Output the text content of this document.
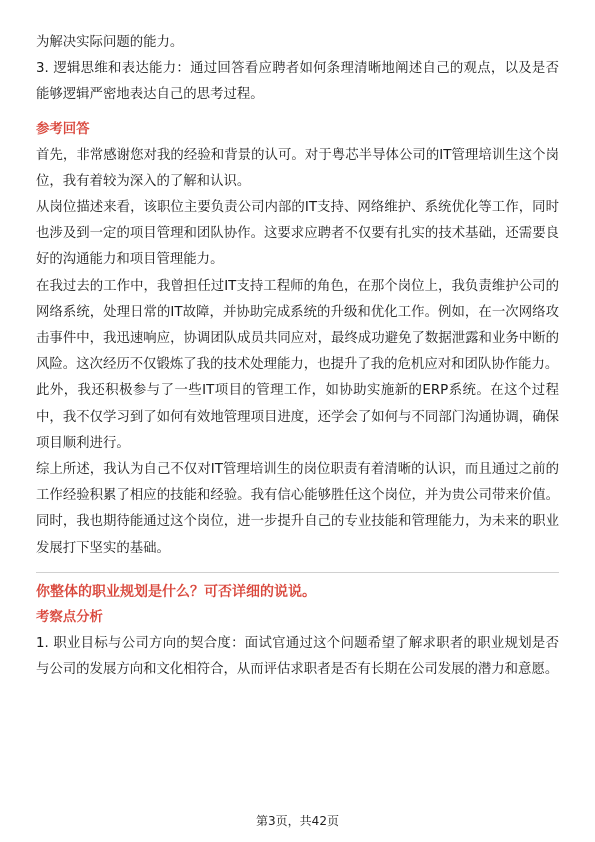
为解决实际问题的能力。

3. 逻辑思维和表达能力：通过回答看应聘者如何条理清晰地阐述自己的观点，以及是否能够逻辑严密地表达自己的思考过程。

参考回答

首先，非常感谢您对我的经验和背景的认可。对于粤芯半导体公司的IT管理培训生这个岗位，我有着较为深入的了解和认识。

从岗位描述来看，该职位主要负责公司内部的IT支持、网络维护、系统优化等工作，同时也涉及到一定的项目管理和团队协作。这要求应聘者不仅要有扎实的技术基础，还需要良好的沟通能力和项目管理能力。

在我过去的工作中，我曾担任过IT支持工程师的角色，在那个岗位上，我负责维护公司的网络系统，处理日常的IT故障，并协助完成系统的升级和优化工作。例如，在一次网络攻击事件中，我迅速响应，协调团队成员共同应对，最终成功避免了数据泄露和业务中断的风险。这次经历不仅锻炼了我的技术处理能力，也提升了我的危机应对和团队协作能力。

此外，我还积极参与了一些IT项目的管理工作，如协助实施新的ERP系统。在这个过程中，我不仅学习到了如何有效地管理项目进度，还学会了如何与不同部门沟通协调，确保项目顺利进行。

综上所述，我认为自己不仅对IT管理培训生的岗位职责有着清晰的认识，而且通过之前的工作经验积累了相应的技能和经验。我有信心能够胜任这个岗位，并为贵公司带来价值。同时，我也期待能通过这个岗位，进一步提升自己的专业技能和管理能力，为未来的职业发展打下坚实的基础。

你整体的职业规划是什么？可否详细的说说。
考察点分析

1. 职业目标与公司方向的契合度：面试官通过这个问题希望了解求职者的职业规划是否与公司的发展方向和文化相符合，从而评估求职者是否有长期在公司发展的潜力和意愿。

第3页，共42页
